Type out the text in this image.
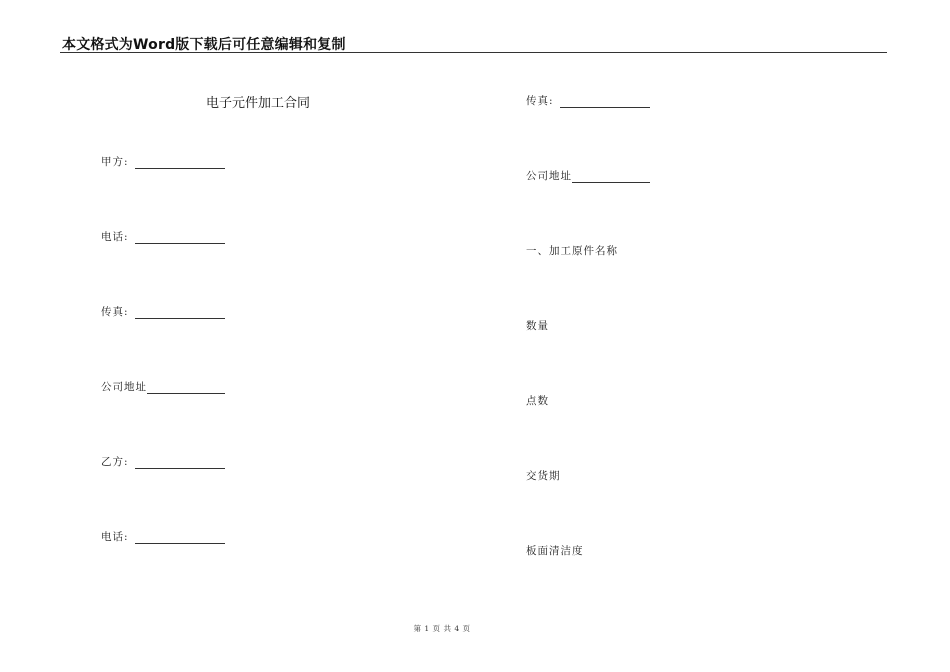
本文格式为Word版下载后可任意编辑和复制
电子元件加工合同
甲方:
电话:
传真:
公司地址
乙方:
电话:
传真:
公司地址
一、加工原件名称
数量
点数
交货期
板面清洁度
第 1 页 共 4 页
